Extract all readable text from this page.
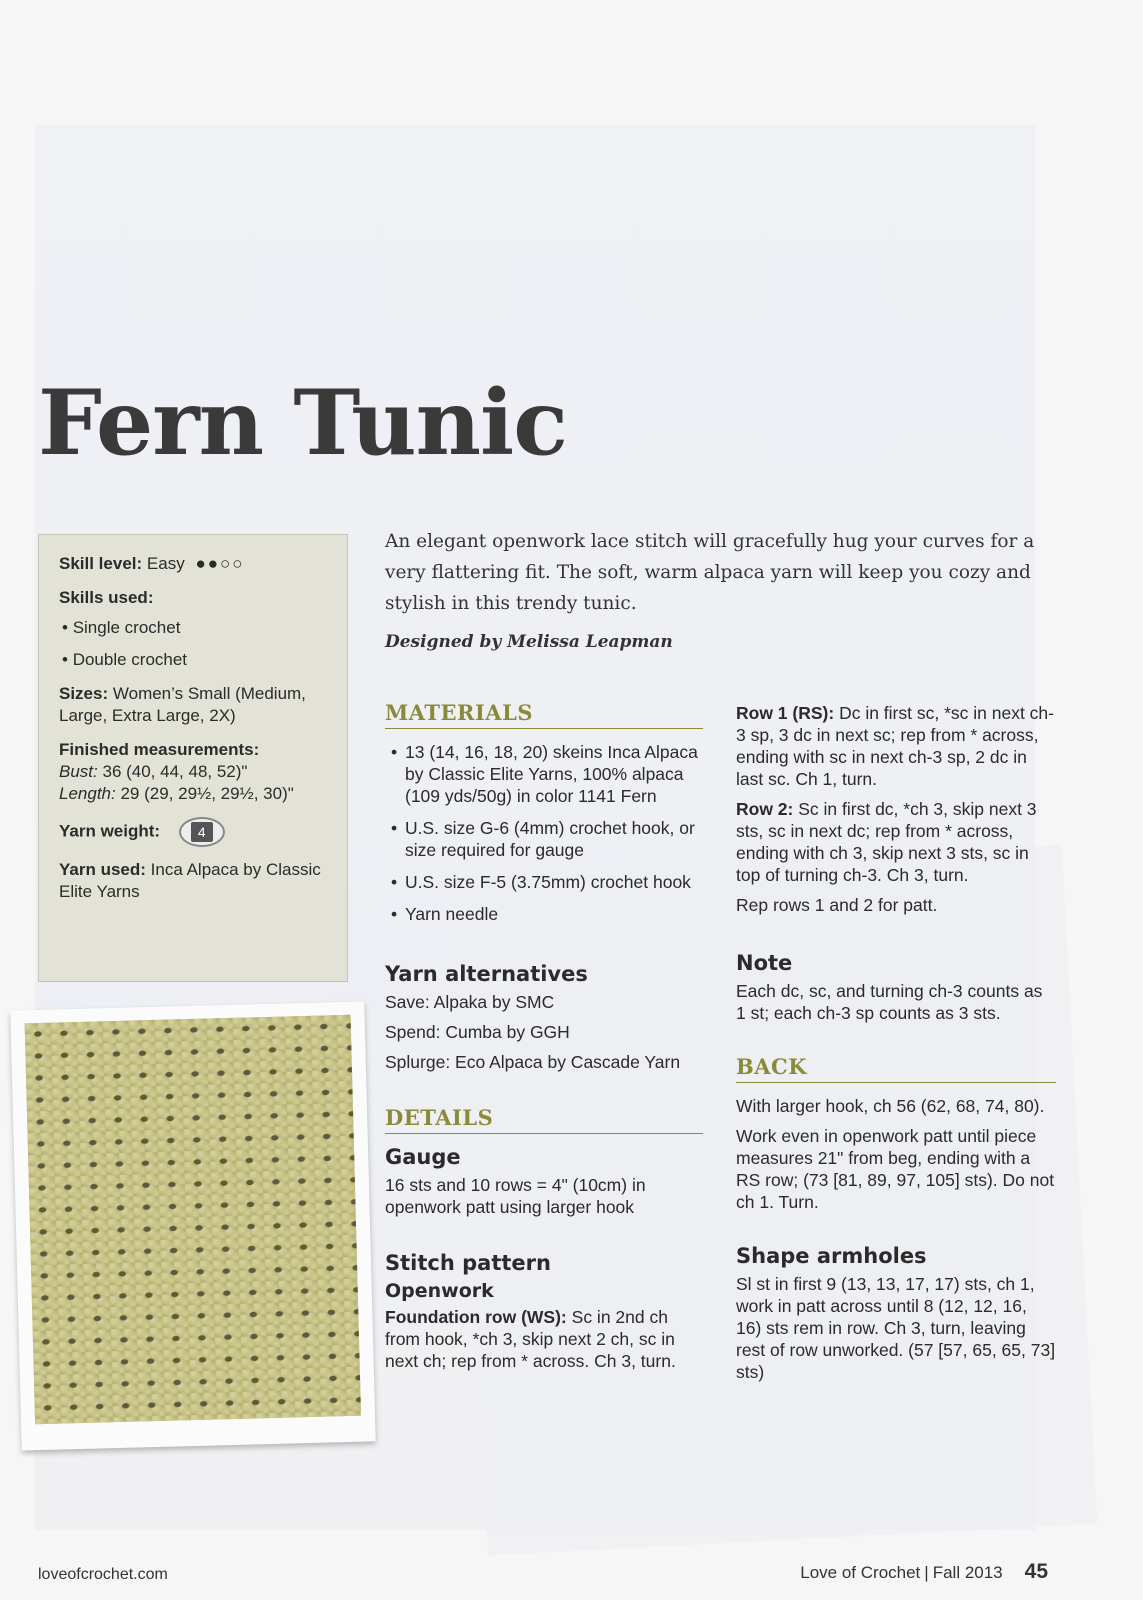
Fern Tunic

Skill level: Easy ●●○○

Skills used:

• Single crochet
• Double crochet

Sizes: Women’s Small (Medium, Large, Extra Large, 2X)

Finished measurements:
Bust: 36 (40, 44, 48, 52)"
Length: 29 (29, 29½, 29½, 30)"

Yarn weight:	4

Yarn used: Inca Alpaca by Classic Elite Yarns

An elegant openwork lace stitch will gracefully hug your curves for a very flattering fit. The soft, warm alpaca yarn will keep you cozy and stylish in this trendy tunic.

Designed by Melissa Leapman

MATERIALS
• 13 (14, 16, 18, 20) skeins Inca Alpaca by Classic Elite Yarns, 100% alpaca (109 yds/50g) in color 1141 Fern
• U.S. size G-6 (4mm) crochet hook, or size required for gauge
• U.S. size F-5 (3.75mm) crochet hook
• Yarn needle
Yarn alternatives

Save: Alpaka by SMC

Spend: Cumba by GGH

Splurge: Eco Alpaca by Cascade Yarn

DETAILS
Gauge

16 sts and 10 rows = 4" (10cm) in openwork patt using larger hook

Stitch pattern
Openwork

Foundation row (WS): Sc in 2nd ch from hook, *ch 3, skip next 2 ch, sc in next ch; rep from * across. Ch 3, turn.

Row 1 (RS): Dc in first sc, *sc in next ch-3 sp, 3 dc in next sc; rep from * across, ending with sc in next ch-3 sp, 2 dc in last sc. Ch 1, turn.

Row 2: Sc in first dc, *ch 3, skip next 3 sts, sc in next dc; rep from * across, ending with ch 3, skip next 3 sts, sc in top of turning ch-3. Ch 3, turn.

Rep rows 1 and 2 for patt.

Note

Each dc, sc, and turning ch-3 counts as 1 st; each ch-3 sp counts as 3 sts.

BACK

With larger hook, ch 56 (62, 68, 74, 80).

Work even in openwork patt until piece measures 21" from beg, ending with a RS row; (73 [81, 89, 97, 105] sts). Do not ch 1. Turn.

Shape armholes

Sl st in first 9 (13, 13, 17, 17) sts, ch 1, work in patt across until 8 (12, 12, 16, 16) sts rem in row. Ch 3, turn, leaving rest of row unworked. (57 [57, 65, 65, 73] sts)

loveofcrochet.com	Love of Crochet | Fall 2013 45
